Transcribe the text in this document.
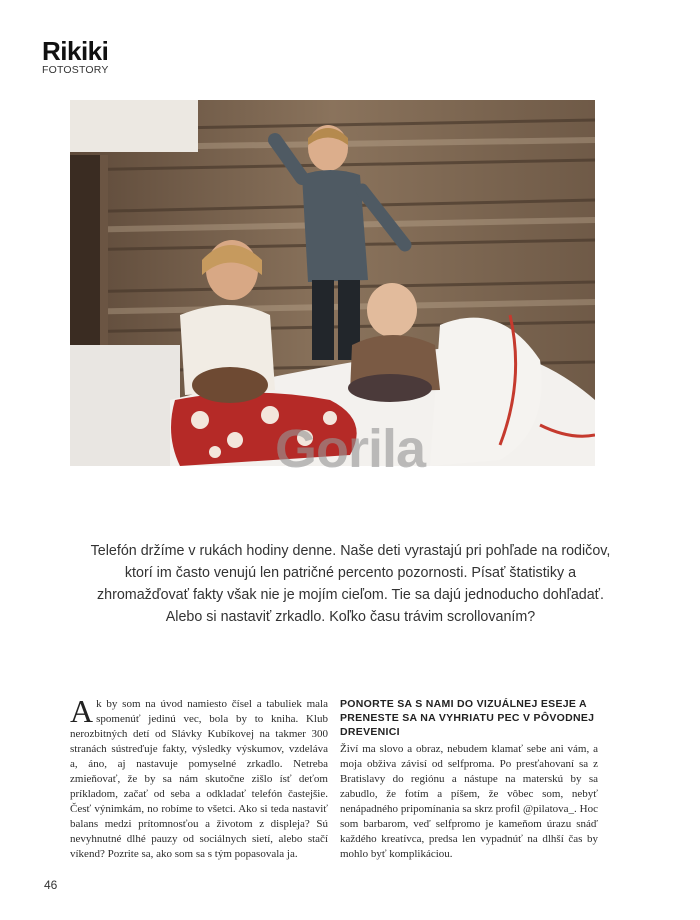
Rikiki
FOTOSTORY
Gorila
Telefón držíme v rukách hodiny denne. Naše deti vyrastajú pri pohľade na rodičov, ktorí im často venujú len patričné percento pozornosti. Písať štatistiky a zhromažďovať fakty však nie je mojím cieľom. Tie sa dajú jednoducho dohľadať. Alebo si nastaviť zrkadlo. Koľko času trávim scrollovaním?
Ak by som na úvod namiesto čísel a tabuliek mala spomenúť jedinú vec, bola by to kniha. Klub nerozbitných detí od Slávky Kubíkovej na takmer 300 stranách sústreďuje fakty, výsledky výskumov, vzdeláva a, áno, aj nastavuje pomyselné zrkadlo. Netreba zmieňovať, že by sa nám skutočne zišlo ísť deťom príkladom, začať od seba a odkladať telefón častejšie. Česť výnimkám, no robíme to všetci. Ako si teda nastaviť balans medzi prítomnosťou a životom z displeja? Sú nevyhnutné dlhé pauzy od sociálnych sietí, alebo stačí víkend? Pozrite sa, ako som sa s tým popasovala ja.
PONORTE SA S NAMI DO VIZUÁLNEJ ESEJE A PRENESTE SA NA VYHRIATU PEC V PÔVODNEJ DREVENICI
Živí ma slovo a obraz, nebudem klamať sebe ani vám, a moja obživa závisí od selfproma. Po presťahovaní sa z Bratislavy do regiónu a nástupe na materskú by sa zabudlo, že fotím a píšem, že vôbec som, nebyť nenápadného pripomínania sa skrz profil @pilatova_. Hoc som barbarom, veď selfpromo je kameňom úrazu snáď každého kreatívca, predsa len vypadnúť na dlhší čas by mohlo byť komplikáciou.
46
